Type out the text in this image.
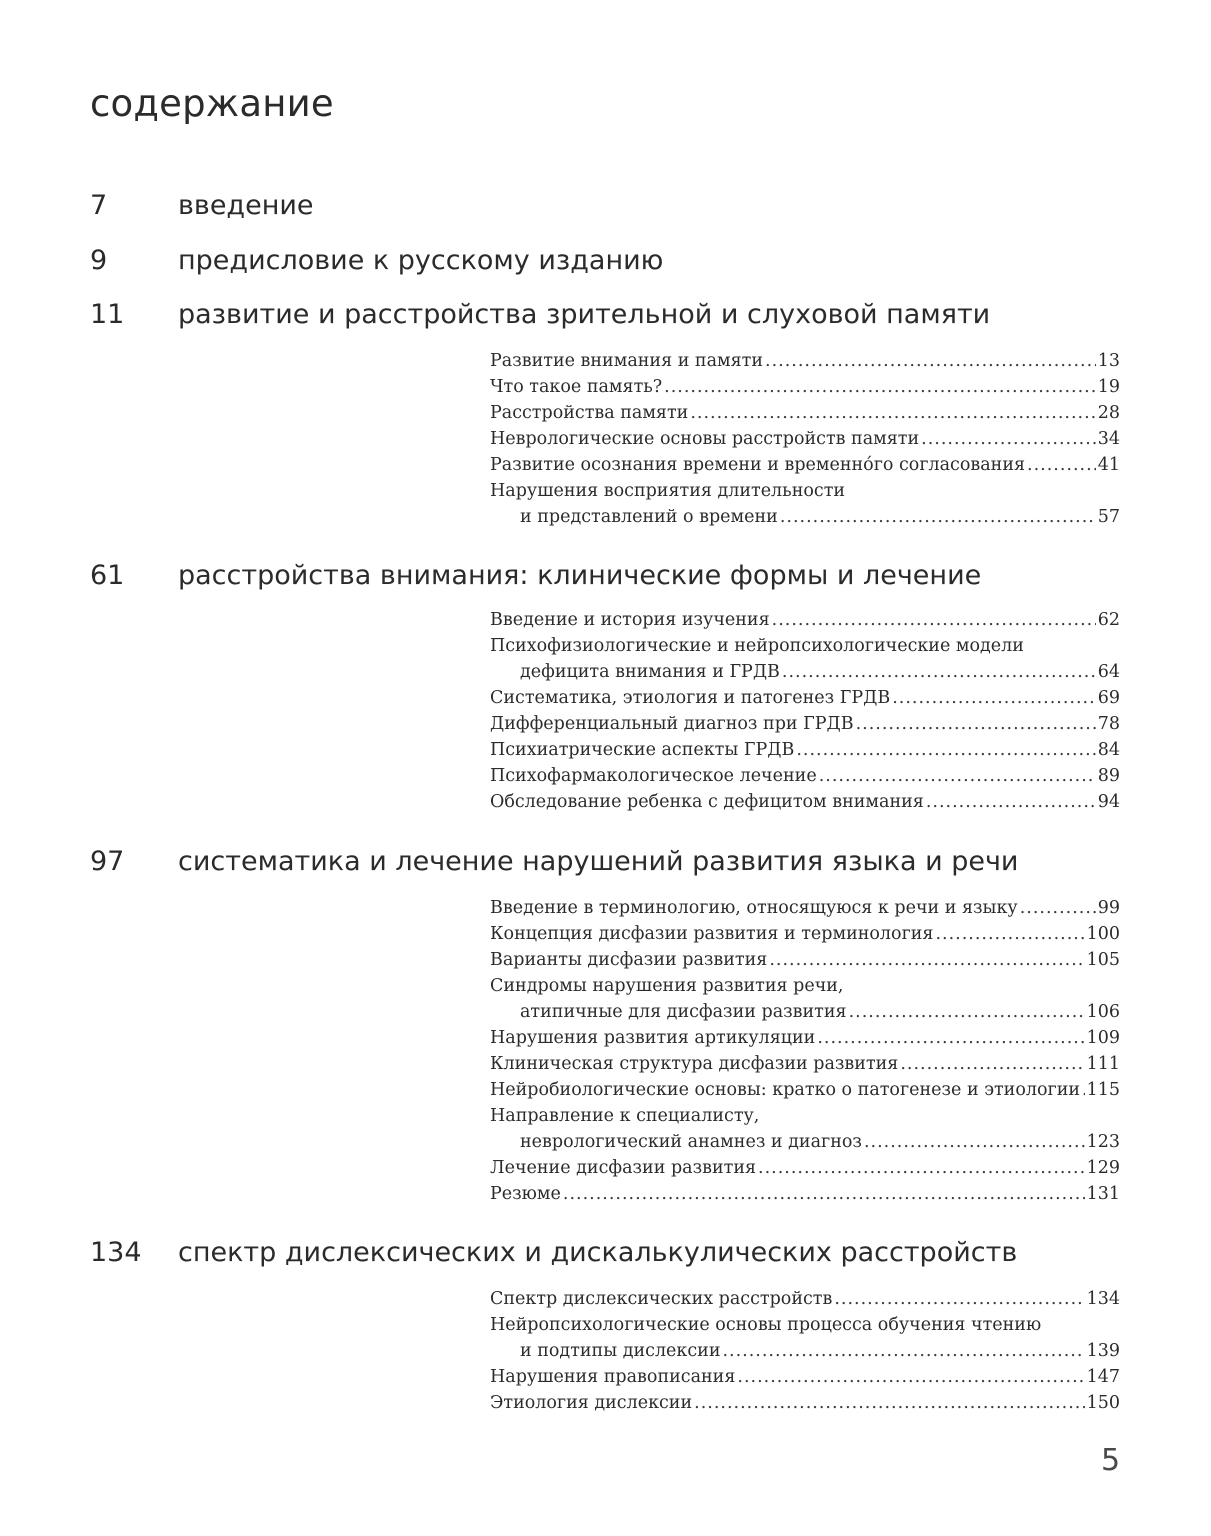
содержание
7	введение
9	предисловие к русскому изданию
11 развитие и расстройства зрительной и слуховой памяти
Развитие внимания и памяти .....	13
Что такое память? .....	19
Расстройства памяти .....	28
Неврологические основы расстройств памяти .....	34
Развитие осознания времени и временнóго согласования .....	41
Нарушения восприятия длительности
и представлений о времени .....	57
61 расстройства внимания: клинические формы и лечение
Введение и история изучения .....	62
Психофизиологические и нейропсихологические модели
дефицита внимания и ГРДВ .....	64
Систематика, этиология и патогенез ГРДВ .....	69
Дифференциальный диагноз при ГРДВ .....	78
Психиатрические аспекты ГРДВ .....	84
Психофармакологическое лечение .....	89
Обследование ребенка с дефицитом внимания .....	94
97 систематика и лечение нарушений развития языка и речи
Введение в терминологию, относящуюся к речи и языку .....	99
Концепция дисфазии развития и терминология .....	100
Варианты дисфазии развития .....	105
Синдромы нарушения развития речи,
атипичные для дисфазии развития .....	106
Нарушения развития артикуляции .....	109
Клиническая структура дисфазии развития .....	111
Нейробиологические основы: кратко о патогенезе и этиологии ..... 115
Направление к специалисту,
неврологический анамнез и диагноз .....	123
Лечение дисфазии развития .....	129
Резюме .....	131
134 спектр дислексических и дискалькулических расстройств
Спектр дислексических расстройств .....	134
Нейропсихологические основы процесса обучения чтению
и подтипы дислексии .....	139
Нарушения правописания .....	147
Этиология дислексии .....	150
5
